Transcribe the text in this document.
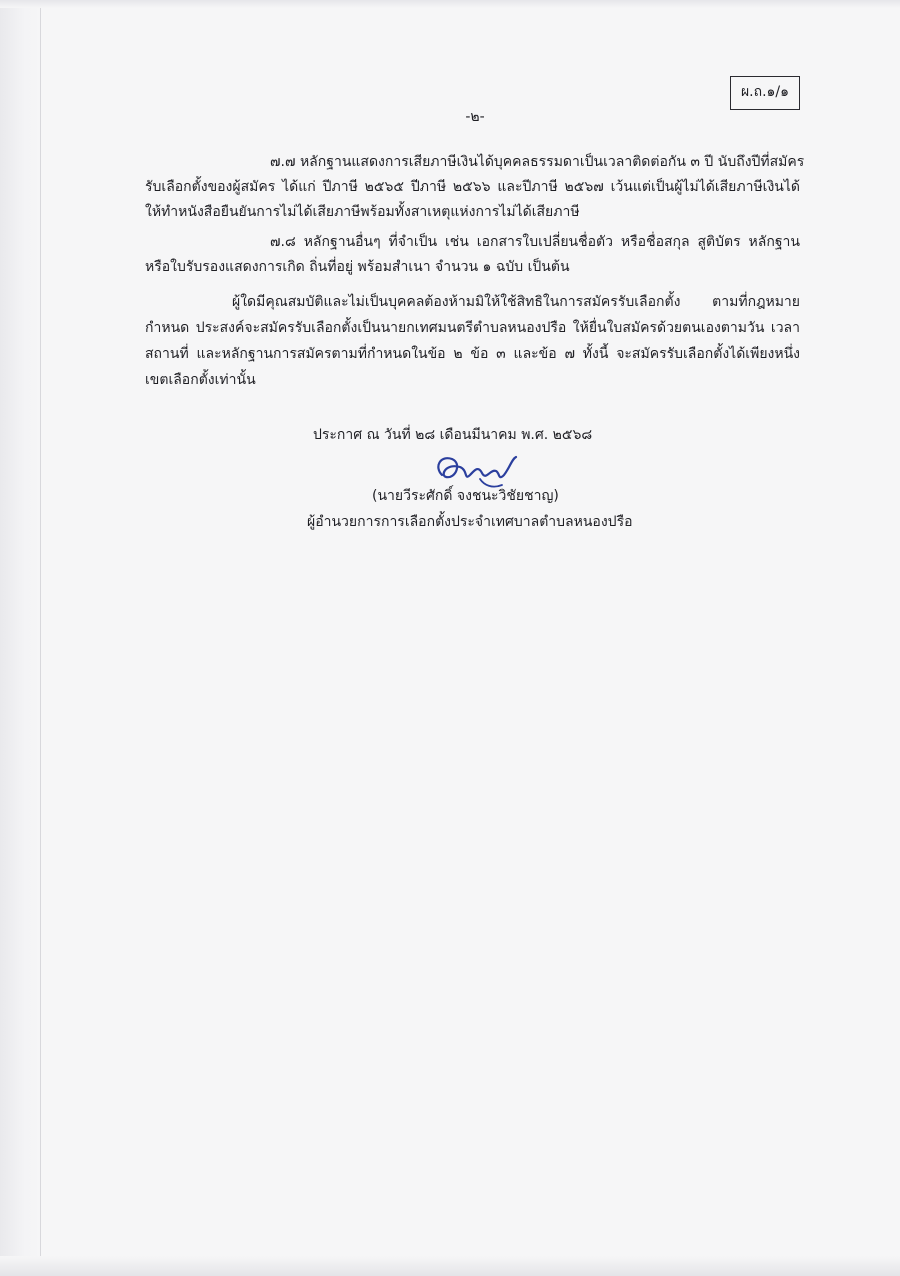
ผ.ถ.๑/๑
-๒-
๗.๗ หลักฐานแสดงการเสียภาษีเงินได้บุคคลธรรมดาเป็นเวลาติดต่อกัน ๓ ปี นับถึงปีที่สมัคร
รับเลือกตั้งของผู้สมัคร ได้แก่ ปีภาษี ๒๕๖๕ ปีภาษี ๒๕๖๖ และปีภาษี ๒๕๖๗ เว้นแต่เป็นผู้ไม่ได้เสียภาษีเงินได้
ให้ทำหนังสือยืนยันการไม่ได้เสียภาษีพร้อมทั้งสาเหตุแห่งการไม่ได้เสียภาษี
๗.๘ หลักฐานอื่นๆ ที่จำเป็น เช่น เอกสารใบเปลี่ยนชื่อตัว หรือชื่อสกุล สูติบัตร หลักฐาน
หรือใบรับรองแสดงการเกิด ถิ่นที่อยู่ พร้อมสำเนา จำนวน ๑ ฉบับ เป็นต้น
ผู้ใดมีคุณสมบัติและไม่เป็นบุคคลต้องห้ามมิให้ใช้สิทธิในการสมัครรับเลือกตั้ง ตามที่กฎหมาย
กำหนด ประสงค์จะสมัครรับเลือกตั้งเป็นนายกเทศมนตรีตำบลหนองปรือ ให้ยื่นใบสมัครด้วยตนเองตามวัน เวลา
สถานที่ และหลักฐานการสมัครตามที่กำหนดในข้อ ๒ ข้อ ๓ และข้อ ๗ ทั้งนี้ จะสมัครรับเลือกตั้งได้เพียงหนึ่ง
เขตเลือกตั้งเท่านั้น
ประกาศ ณ วันที่ ๒๘ เดือนมีนาคม พ.ศ. ๒๕๖๘
(นายวีระศักดิ์ จงชนะวิชัยชาญ)
ผู้อำนวยการการเลือกตั้งประจำเทศบาลตำบลหนองปรือ
